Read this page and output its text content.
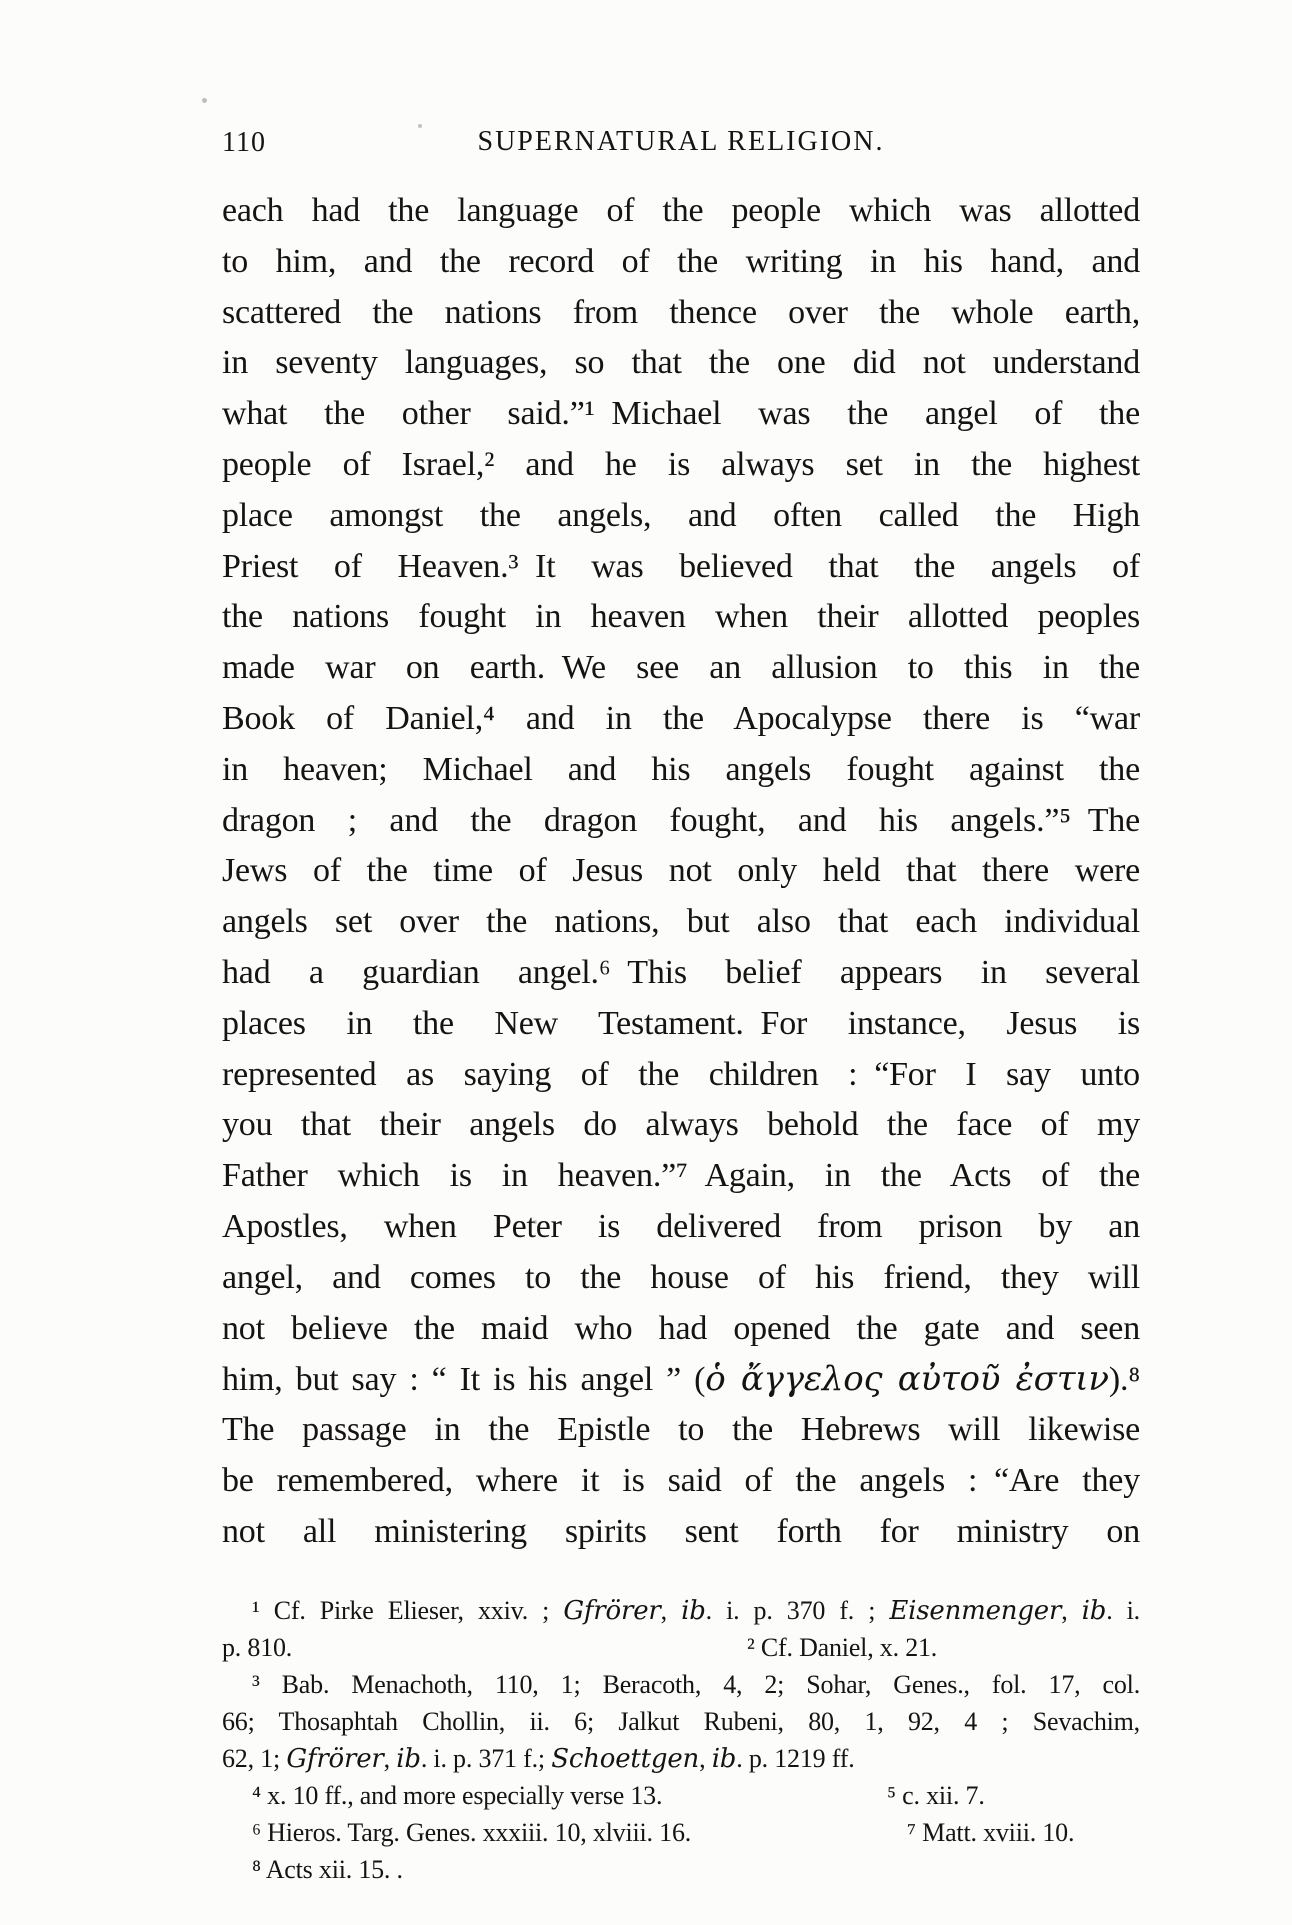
110	SUPERNATURAL RELIGION.
each had the language of the people which was allotted
to him, and the record of the writing in his hand, and
scattered the nations from thence over the whole earth,
in seventy languages, so that the one did not understand
what the other said.”¹ Michael was the angel of the
people of Israel,² and he is always set in the highest
place amongst the angels, and often called the High
Priest of Heaven.³ It was believed that the angels of
the nations fought in heaven when their allotted peoples
made war on earth. We see an allusion to this in the
Book of Daniel,⁴ and in the Apocalypse there is “war
in heaven; Michael and his angels fought against the
dragon ; and the dragon fought, and his angels.”⁵ The
Jews of the time of Jesus not only held that there were
angels set over the nations, but also that each individual
had a guardian angel.⁶ This belief appears in several
places in the New Testament. For instance, Jesus is
represented as saying of the children : “For I say unto
you that their angels do always behold the face of my
Father which is in heaven.”⁷ Again, in the Acts of the
Apostles, when Peter is delivered from prison by an
angel, and comes to the house of his friend, they will
not believe the maid who had opened the gate and seen
him, but say : “ It is his angel ” (ὁ ἄγγελος αὐτοῦ ἐστιν).⁸
The passage in the Epistle to the Hebrews will likewise
be remembered, where it is said of the angels : “Are they
not all ministering spirits sent forth for ministry on
¹ Cf. Pirke Elieser, xxiv. ; Gfrörer, ib. i. p. 370 f. ; Eisenmenger, ib. i.
p. 810.	² Cf. Daniel, x. 21.
³ Bab. Menachoth, 110, 1; Beracoth, 4, 2; Sohar, Genes., fol. 17, col.
66; Thosaphtah Chollin, ii. 6; Jalkut Rubeni, 80, 1, 92, 4 ; Sevachim,
62, 1; Gfrörer, ib. i. p. 371 f.; Schoettgen, ib. p. 1219 ff.
⁴ x. 10 ff., and more especially verse 13.	⁵ c. xii. 7.
⁶ Hieros. Targ. Genes. xxxiii. 10, xlviii. 16.	⁷ Matt. xviii. 10.
⁸ Acts xii. 15. .
